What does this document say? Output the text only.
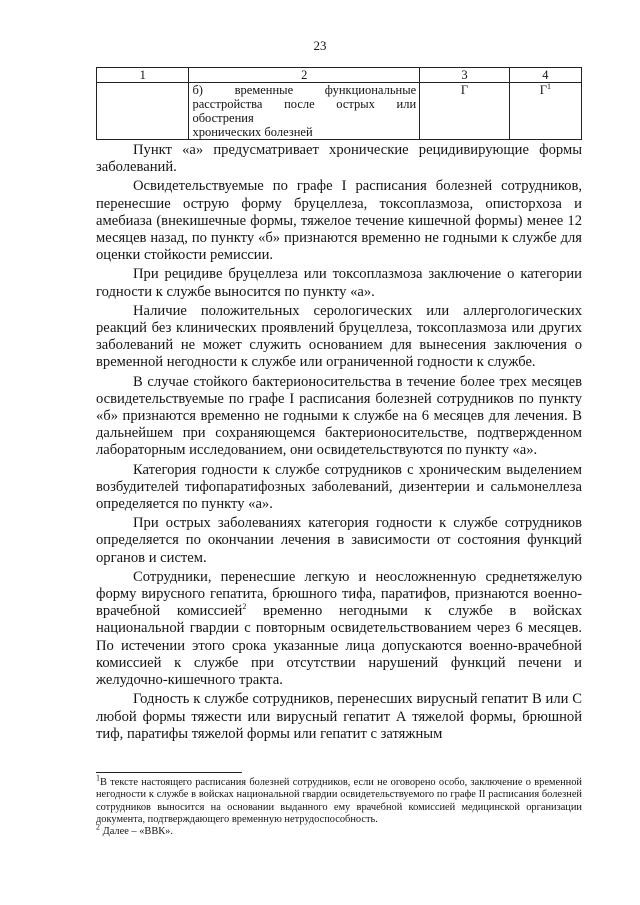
23
1	2	3	4

	б) временные функциональные
расстройства после острых или обострения
хронических болезней	Г	$Г^1$

Пункт «а» предусматривает хронические рецидивирующие формы заболеваний.

Освидетельствуемые по графе I расписания болезней сотрудников, перенесшие острую форму бруцеллеза, токсоплазмоза, описторхоза и амебиаза (внекишечные формы, тяжелое течение кишечной формы) менее 12 месяцев назад, по пункту «б» признаются временно не годными к службе для оценки стойкости ремиссии.

При рецидиве бруцеллеза или токсоплазмоза заключение о категории годности к службе выносится по пункту «а».

Наличие положительных серологических или аллергологических реакций без клинических проявлений бруцеллеза, токсоплазмоза или других заболеваний не может служить основанием для вынесения заключения о временной негодности к службе или ограниченной годности к службе.

В случае стойкого бактерионосительства в течение более трех месяцев освидетельствуемые по графе I расписания болезней сотрудников по пункту «б» признаются временно не годными к службе на 6 месяцев для лечения. В дальнейшем при сохраняющемся бактерионосительстве, подтвержденном лабораторным исследованием, они освидетельствуются по пункту «а».

Категория годности к службе сотрудников с хроническим выделением возбудителей тифопаратифозных заболеваний, дизентерии и сальмонеллеза определяется по пункту «а».

При острых заболеваниях категория годности к службе сотрудников определяется по окончании лечения в зависимости от состояния функций органов и систем.

Сотрудники, перенесшие легкую и неосложненную среднетяжелую форму вирусного гепатита, брюшного тифа, паратифов, признаются военно-врачебной комиссией$^2$ временно негодными к службе в войсках национальной гвардии с повторным освидетельствованием через 6 месяцев. По истечении этого срока указанные лица допускаются военно-врачебной комиссией к службе при отсутствии нарушений функций печени и желудочно-кишечного тракта.

Годность к службе сотрудников, перенесших вирусный гепатит В или С любой формы тяжести или вирусный гепатит А тяжелой формы, брюшной тиф, паратифы тяжелой формы или гепатит с затяжным

$^1$В тексте настоящего расписания болезней сотрудников, если не оговорено особо, заключение о временной негодности к службе в войсках национальной гвардии освидетельствуемого по графе II расписания болезней сотрудников выносится на основании выданного ему врачебной комиссией медицинской организации документа, подтверждающего временную нетрудоспособность.

$^2$ Далее – «ВВК».
